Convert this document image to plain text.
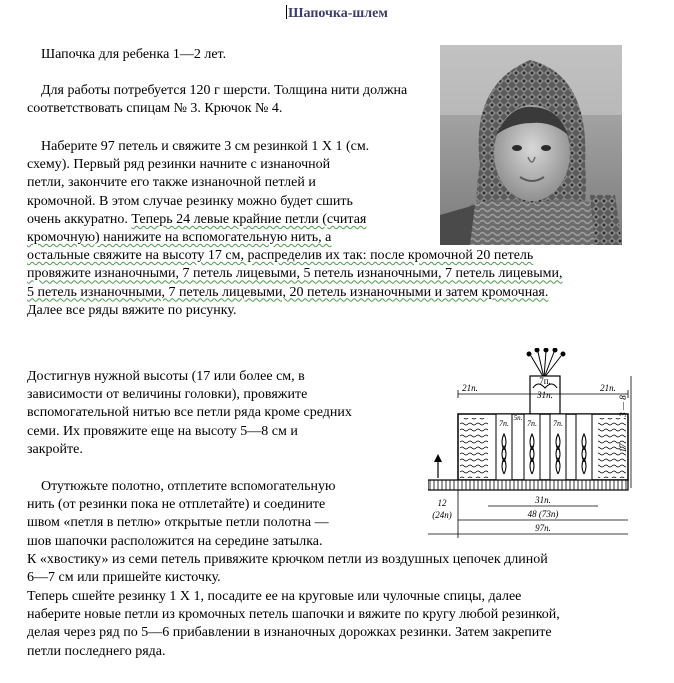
Шапочка-шлем

Шапочка для ребенка 1—2 лет.

Для работы потребуется 120 г шерсти. Толщина нити должна соответствовать спицам № 3. Крючок № 4.

Наберите 97 петель и свяжите 3 см резинкой 1 Х 1 (см.

схему). Первый ряд резинки начните с изнаночной

петли, закончите его также изнаночной петлей и

кромочной. В этом случае резинку можно будет сшить

очень аккуратно. Теперь 24 левые крайние петли (считая

кромочную) нанижите на вспомогательную нить, а

остальные свяжите на высоту 17 см, распределив их так: после кромочной 20 петель

провяжите изнаночными, 7 петель лицевыми, 5 петель изнаночными, 7 петель лицевыми,

5 петель изнаночными, 7 петель лицевыми, 20 петель изнаночными и затем кромочная.

Далее все ряды вяжите по рисунку.

Достигнув нужной высоты (17 или более см, в

зависимости от величины головки), провяжите

вспомогательной нитью все петли ряда кроме средних

семи. Их провяжите еще на высоту 5—8 см и

закройте.

Отутюжьте полотно, отплетите вспомогательную

нить (от резинки пока не отплетайте) и соедините

швом «петля в петлю» открытые петли полотна —

шов шапочки расположится на середине затылка.

К «хвостику» из семи петель привяжите крючком петли из воздушных цепочек длиной

6—7 см или пришейте кисточку.

Теперь сшейте резинку 1 Х 1, посадите ее на круговые или чулочные спицы, далее

наберите новые петли из кромочных петель шапочки и вяжите по кругу любой резинкой,

делая через ряд по 5—6 прибавлении в изнаночных дорожках резинки. Затем закрепите

петли последнего ряда.

7п.
21п.
31п.
21п.
7п. 7п. 7п.
5п.
3 — 8
17
12
(24п)
31п.
48 (73п)
97п.
